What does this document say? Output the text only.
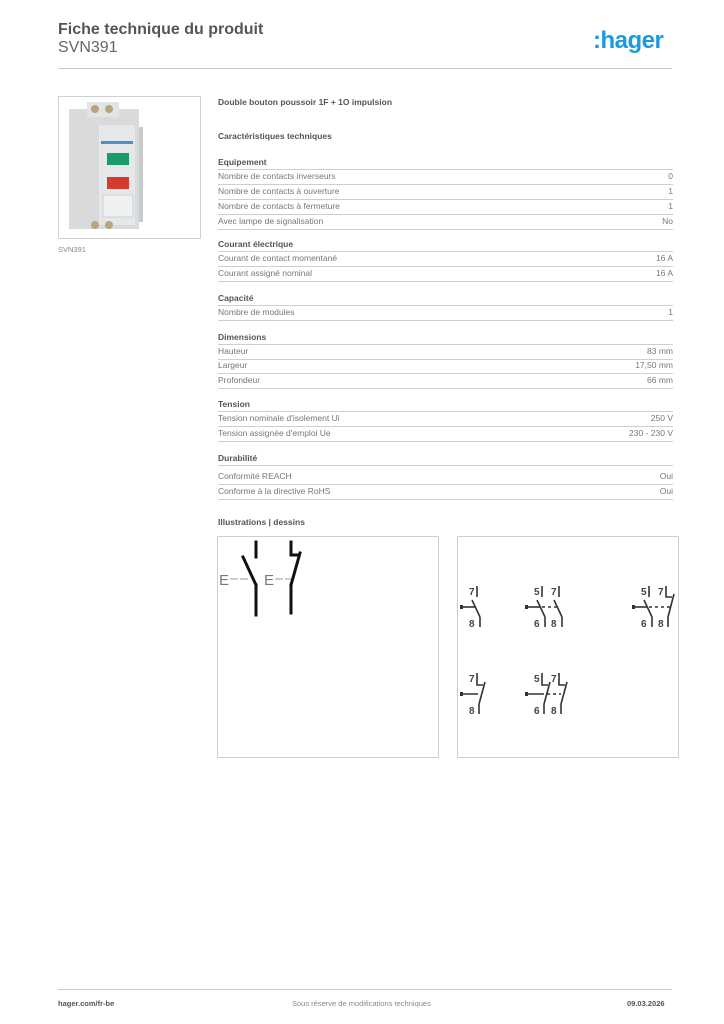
Fiche technique du produit
SVN391	:hager
SVN391
Double bouton poussoir 1F + 1O impulsion
Caractéristiques techniques
Equipement
Nombre de contacts inverseurs	0
Nombre de contacts à ouverture	1
Nombre de contacts à fermeture	1
Avec lampe de signalisation	No
Courant électrique
Courant de contact momentané	16 A
Courant assigné nominal	16 A
Capacité
Nombre de modules	1
Dimensions
Hauteur	83 mm
Largeur	17,50 mm
Profondeur	66 mm
Tension
Tension nominale d'isolement Ui	250 V
Tension assignée d'emploi Ue	230 - 230 V
Durabilité
Conformité REACH	Oui
Conforme à la directive RoHS	Oui
Illustrations | dessins
E E
7
8
5 7
6 8
5 7
6 8
7
8
5 7
6 8
hager.com/fr-be	Sous réserve de modifications techniques	09.03.2026
